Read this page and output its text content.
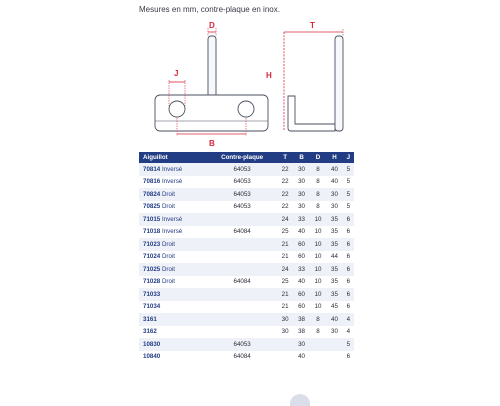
Mesures en mm, contre-plaque en inox.
D
J
B
T
H
Aiguillot	Contre-plaque	T	B	D	H	J
70814 Inversé	64053	22	30	8	40	5
70816 Inversé	64053	22	30	8	40	5
70824 Droit	64053	22	30	8	30	5
70825 Droit	64053	22	30	8	30	5
71015 Inversé		24	33	10	35	6
71018 Inversé	64084	25	40	10	35	6
71023 Droit		21	60	10	35	6
71024 Droit		21	60	10	44	6
71025 Droit		24	33	10	35	6
71028 Droit	64084	25	40	10	35	6
71033		21	60	10	35	6
71034		21	60	10	45	6
3161		30	38	8	40	4
3162		30	38	8	30	4
10830	64053		30			5
10840	64084		40			6
